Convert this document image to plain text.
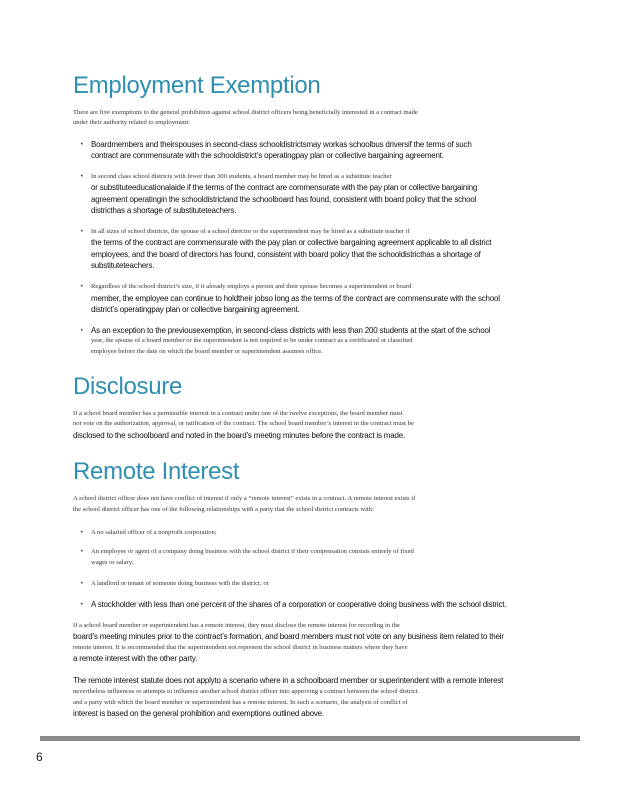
Employment Exemption
There are five exemptions to the general prohibition against school district officers being beneficially interested in a contract made
under their authority related to employment:
• Boardmembers and theirspouses in second-class schooldistrictsmay workas schoolbus driversif the terms of such
contract are commensurate with the schooldistrict’s operatingpay plan or collective bargaining agreement.
• In second class school districts with fewer than 300 students, a board member may be hired as a substitute teacher
or substituteeducationalaide if the terms of the contract are commensurate with the pay plan or collective bargaining
agreement operatingin the schooldistrictand the schoolboard has found, consistent with board policy that the school
districthas a shortage of substituteteachers.
• In all sizes of school districts, the spouse of a school director or the superintendent may be hired as a substitute teacher if
the terms of the contract are commensurate with the pay plan or collective bargaining agreement applicable to all district
employees, and the board of directors has found, consistent with board policy that the schooldistricthas a shortage of
substituteteachers.
• Regardless of the school district’s size, if it already employs a person and their spouse becomes a superintendent or board
member, the employee can continue to holdtheir jobso long as the terms of the contract are commensurate with the school
district’s operatingpay plan or collective bargaining agreement.
• As an exception to the previousexemption, in second-class districts with less than 200 students at the start of the school
year, the spouse of a board member or the superintendent is not required to be under contract as a certificated or classified
employee before the date on which the board member or superintendent assumes office.
Disclosure
If a school board member has a permissible interest in a contract under one of the twelve exceptions, the board member must
not vote on the authorization, approval, or ratification of the contract. The school board member’s interest in the contract must be
disclosed to the schoolboard and noted in the board’s meeting minutes before the contract is made.
Remote Interest
A school district officer does not have conflict of interest if only a “remote interest” exists in a contract. A remote interest exists if
the school district officer has one of the following relationships with a party that the school district contracts with:
• A no salaried officer of a nonprofit corporation;
• An employee or agent of a company doing business with the school district if their compensation consists entirely of fixed
wages or salary;
• A landlord or tenant of someone doing business with the district; or
• A stockholder with less than one percent of the shares of a corporation or cooperative doing business with the school district.
If a school board member or superintendent has a remote interest, they must disclose the remote interest for recording in the
board’s meeting minutes prior to the contract’s formation, and board members must not vote on any business item related to their
remote interest. It is recommended that the superintendent not represent the school district in business matters where they have
a remote interest with the other party.
The remote interest statute does not applyto a scenario where in a schoolboard member or superintendent with a remote interest
nevertheless influences or attempts to influence another school district officer into approving a contract between the school district
and a party with which the board member or superintendent has a remote interest. In such a scenario, the analysis of conflict of
interest is based on the general prohibition and exemptions outlined above.
6
